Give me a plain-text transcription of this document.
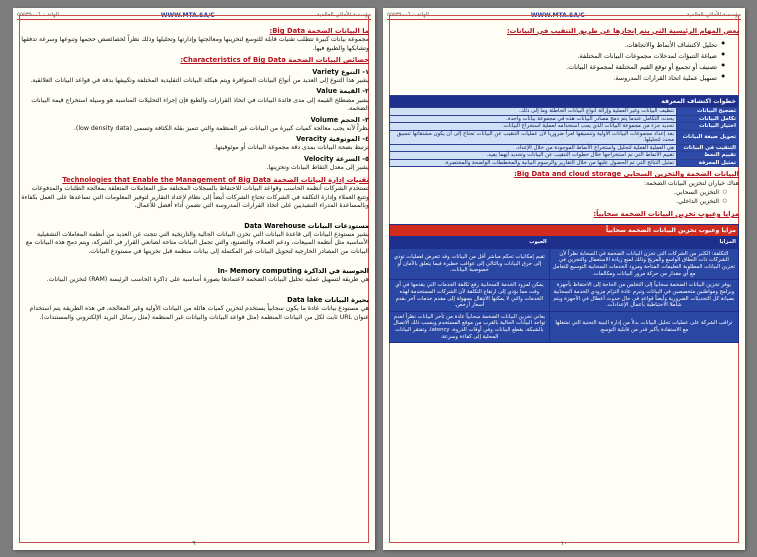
الهاتف: ٥٥٥٣٩٠٠٦	WWW.MTA.SA/C	مؤسسة الأمالي العالمية
ما البيانات الضخمة Big Data:

مجموعة بيانات كبيرة تتطلب تقنيات قابلة للتوسع لتخزينها ومعالجتها وإدارتها وتحليلها وذلك نظراً لخصائصص حجمها وتنوعها وسرعة تدفقها وتشابكها والطبيع فيها.

خصائص البيانات الضخمة Characteristics of Big Data:
١- التنوع Variety

يشير هذا التنوع إلى العديد من أنواع البيانات المتوافرة ويتم هيكلة البيانات التقليدية المختلفة وتكييفها بدقة في قواعد البيانات العلائقية.

٢- القيمة Value

يشير مصطلح القيمة إلى مدى فائدة البيانات في اتخاذ القرارات والطبع فإن إجراء التحليلات المناسبة هو وسيلة استخراج قيمة البيانات الضخمة.

٣- الحجم Volume

نظراً لأنه يجب معالجة كميات كبيرة من البيانات غير المنظمة والتي تتميز بقلة الكثافة وتسمى (low density data).

٤- الموثوقية Veracity

ترتبط بصحة البيانات بمدى دقة مجموعة البيانات أو موثوقيتها.

٥- السرعة Velocity

يشير إلى معدل التقاط البيانات وتخزينها.

تقنيات إدارة البيانات الضخمة Technologies that Enable the Management of Big Data

تستخدم الشركات أنظمة الحاسب وقواعد البيانات للاحتفاظ بالسجلات المختلفة مثل المعاملات المتعلقة بمعالجة الطلبات والمدفوعات وتتبع العملاء وإدارة التكلفة في الشركات تحتاج الشركات أيضاً إلى نظام لإعداد التقارير لتوفير المعلومات التي تساعدها على العمل بكفاءة وبالمساعدة المدراء التنفيذيين على اتخاذ القرارات المدروسة التي تضمن أداء أفضل للأعمال.

مستودعات البيانات Data Warehouse

يشير مستودع البيانات إلى قاعدة البيانات التي تخزن البيانات الحالية والتاريخية التي تتجت عن العديد من أنظمة المعاملات التشغيلية الأساسية مثل أنظمة المبيعات، ودعم العملاء، والتصنيع، والتي تجمل البيانات متاحة لصانعي القرار في الشركة، ويتم دمج هذه البيانات مع البيانات من المصادر الخارجية لتحويل البيانات غير المكتملة إلى بيانات منظمة قبل تخزينها في مستودع البيانات.

الحوسبة في الذاكرة In- Memory computing

هي طريقة لتسهيل عملية تحليل البيانات الضخمة لاعتمادها بصورة أساسية على ذاكرة الحاسب الرئيسة (RAM) لتخزين البيانات.

بحيرة البيانات Data lake

هي مستودع بيانات عادة ما يكون سحابياً يستخدم لتخزين كميات هائلة من البيانات الأولية وغير المعالجة، في هذه الطريقة يتم استخدام عنوان URL ثابت لكل من البيانات المنظمة (مثل قواعد البيانات والبيانات غير المنظمة (مثل رسائل البريد الإلكتروني والمستندات).

٩
الهاتف: ٥٥٥٣٩٠٠٦	WWW.MTA.SA/C	مؤسسة الأمالي العالمية
بعض المهام الرئيسية التي يتم إنجازها عن طريق التنقيب في البيانات:
● تحليل لاكتشاف الأنماط والاتجاهات.
● صياغة التنبؤات لمدخلات مجموعات البيانات المختلفة.
● تصنيف أو تجميع أو توقع القيم المختلفة لمجموعة البيانات.
● تسهيل عملية اتخاذ القرارات المدروسة.
خطوات اكتشاف المعرفة	
تصحيح البيانات	تنظيف البيانات وغير العملية وإزالة أنواع البيانات الخاطئة وما إلى ذلك.
تكامل البيانات	يحدث التكامل عندما يتم دمج مصادر البيانات هذه في مجموعة بيانات واحدة.
اختيار البيانات	تحديد جزء من مجموعة البيانات الذي يجب استخدامه لعملية استخراج البيانات.
تحويل صيغة البيانات	بعد إعداد مجموعات البيانات الأولية وتنسيقها أمراً ضرورياً لأن عمليات التنقيب عن البيانات تحتاج إلى أن يكون مشتقاتها تنسيق محدد لتحليلها.
التنقيب في البيانات	هي العملية الفعلية لتحليل واستخراج الأنماط الموجودة من خلال الإعداد.
تقييم النمط	تقييم الأنماط التي تم استخراجها خلال خطوات التنقيب عن البيانات وتحديد أيهما يفيد.
تمثيل المعرفة	تمثيل النتائج التي تم الحصول عليها من خلال التقارير والرسوم البيانية والمخططات الواضحة والمختصرة.
البيانات الضخمة والتخزين السحابي Big Data and cloud storage:

هناك خياران لتخزين البيانات الضخمة:

○ التخزين السحابي.
○ التخزين الداخلي.
مزايا وعيوب تخزين البيانات الضخمة سحابياً:
مزايا وعيوب تخزين البيانات الضخمة سحابياً	
المزايا	العيوب
التكلفة: الكثير من الشركات التي تخزن البيانات الضخمة في السحابة نظراً لأن الشركات ذات النطاق الواسع والمزيج وذلك لمنع زيادة الاستعمال والتخزين في تخزين البيانات المطلوبة التعليمات المتاحة ومزود الخدمات السحابية التوسيع للتعامل مع أي مقدار من حركة مرور البيانات ومكالمات.	تقيم إمكانيات تحكم مباشر أقل من البيانات وقد تتعرض لعمليات تودي إلى خرق البيانات وبالتالي إلى عواقب خطيرة فيما يتعلق بالأمان أو خصوصية البيانات.
يوفر تخزين البيانات الضخمة سحابياً إلى التخلص من الحاجة إلى الاحتفاظ بأجهزة وبرامج ومواطنين متخصصين في البيانات وتبرم عادة التزام مزودي الخدمة السحابية بصيانة كل التحديثات الضرورية وأيضاً قواعد في حال حدوث أعطال في الأجهزة ويتم شاملا الاحتياطية بأعمال الإعدادات.	يمكن لمزود الخدمة السحابية رفع تكلفة الخدمات التي يقدمها في أي وقت مما يؤدي إلى ارتفاع التكلفة لأن الشركات المستخدمة لهذه الخدمات والتي لا يمكنها الانتقال بسهولة إلى مقدم خدمات آخر بقدم أسعار أرخص.
تراقب الشركة على عمليات تحليل البيانات بدلاً من إدارة البنية التحتية التي تشغلها مع الاستفادة بأكبر قدر من قابلية التوسع.	يعاني تخزين البيانات الضخمة سحابياً عادة من تأخر البيانات نظراً لعدم تواجد البيانات الحالية بالقرب من موقع المستخدم ويسبب ذلك الاتصال بالشبكة، بقطع البيانات وفي أوقات الذروة، latency، وتفتقر البيانات المحلية إلى كفاءة وسرعة.
١٠
